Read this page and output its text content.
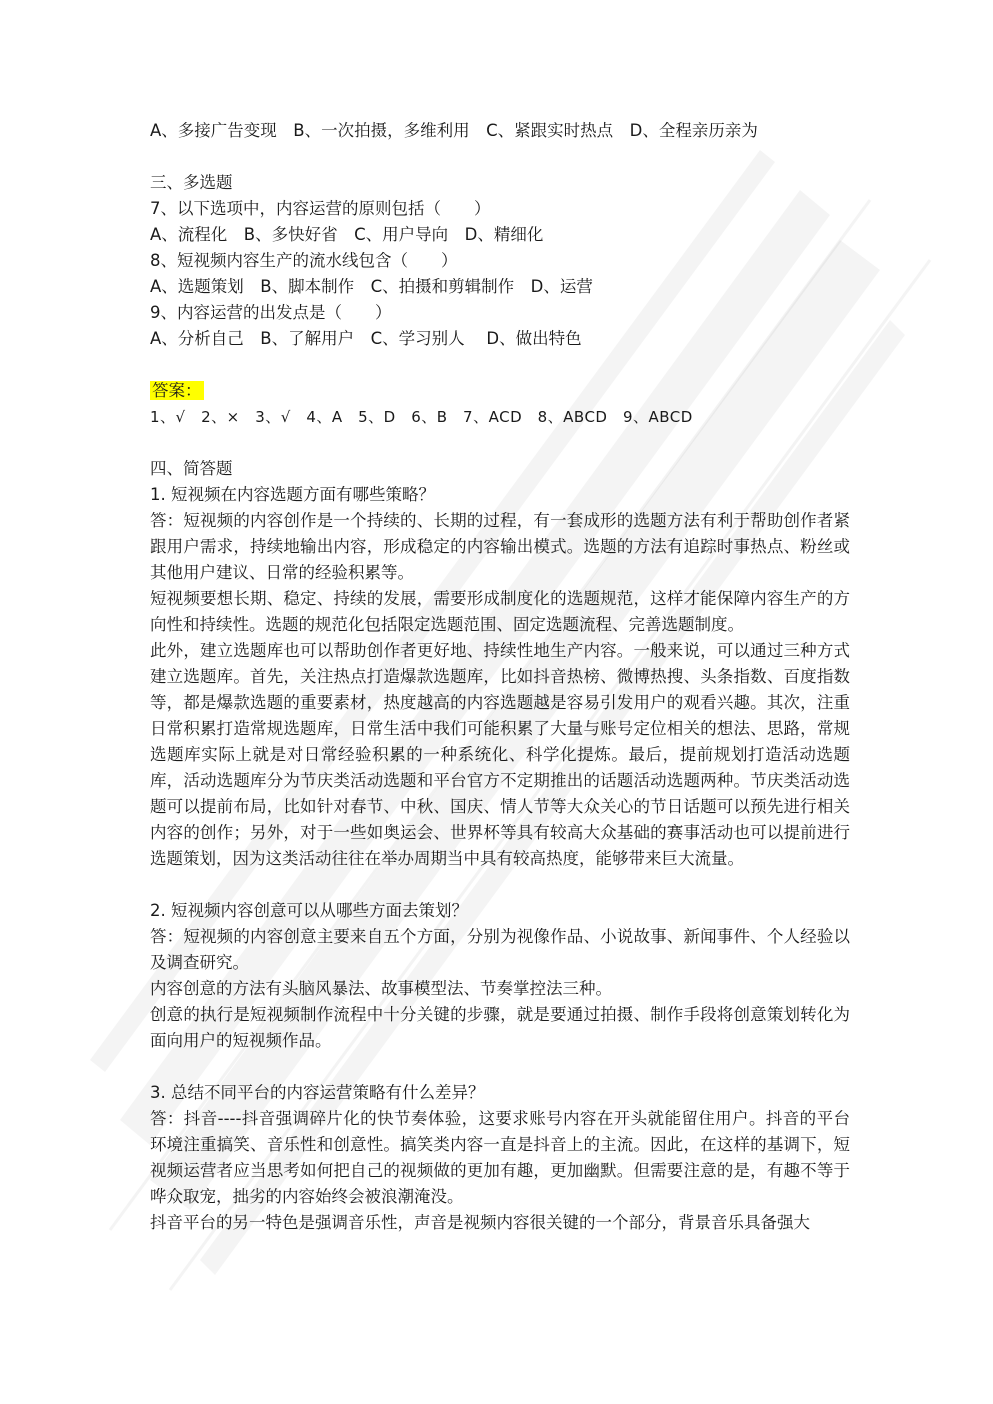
A、多接广告变现　B、一次拍摄，多维利用　C、紧跟实时热点　D、全程亲历亲为

三、多选题

7、以下选项中，内容运营的原则包括（　　）

A、流程化　B、多快好省　C、用户导向　D、精细化

8、短视频内容生产的流水线包含（　　）

A、选题策划　B、脚本制作　C、拍摄和剪辑制作　D、运营

9、内容运营的出发点是（　　）

A、分析自己　B、了解用户　C、学习别人　 D、做出特色

答案：

1、√　2、×　3、√　4、A　5、D　6、B　7、ACD　8、ABCD　9、ABCD

四、简答题

1. 短视频在内容选题方面有哪些策略？

答：短视频的内容创作是一个持续的、长期的过程，有一套成形的选题方法有利于帮助创作者紧跟用户需求，持续地输出内容，形成稳定的内容输出模式。选题的方法有追踪时事热点、粉丝或其他用户建议、日常的经验积累等。

短视频要想长期、稳定、持续的发展，需要形成制度化的选题规范，这样才能保障内容生产的方向性和持续性。选题的规范化包括限定选题范围、固定选题流程、完善选题制度。

此外，建立选题库也可以帮助创作者更好地、持续性地生产内容。一般来说，可以通过三种方式建立选题库。首先，关注热点打造爆款选题库，比如抖音热榜、微博热搜、头条指数、百度指数等，都是爆款选题的重要素材，热度越高的内容选题越是容易引发用户的观看兴趣。其次，注重日常积累打造常规选题库，日常生活中我们可能积累了大量与账号定位相关的想法、思路，常规选题库实际上就是对日常经验积累的一种系统化、科学化提炼。最后，提前规划打造活动选题库，活动选题库分为节庆类活动选题和平台官方不定期推出的话题活动选题两种。节庆类活动选题可以提前布局，比如针对春节、中秋、国庆、情人节等大众关心的节日话题可以预先进行相关内容的创作；另外，对于一些如奥运会、世界杯等具有较高大众基础的赛事活动也可以提前进行选题策划，因为这类活动往往在举办周期当中具有较高热度，能够带来巨大流量。

2. 短视频内容创意可以从哪些方面去策划？

答：短视频的内容创意主要来自五个方面，分别为视像作品、小说故事、新闻事件、个人经验以及调查研究。

内容创意的方法有头脑风暴法、故事模型法、节奏掌控法三种。

创意的执行是短视频制作流程中十分关键的步骤，就是要通过拍摄、制作手段将创意策划转化为面向用户的短视频作品。

3. 总结不同平台的内容运营策略有什么差异？

答：抖音----抖音强调碎片化的快节奏体验，这要求账号内容在开头就能留住用户。抖音的平台环境注重搞笑、音乐性和创意性。搞笑类内容一直是抖音上的主流。因此，在这样的基调下，短视频运营者应当思考如何把自己的视频做的更加有趣，更加幽默。但需要注意的是，有趣不等于哗众取宠，拙劣的内容始终会被浪潮淹没。

抖音平台的另一特色是强调音乐性，声音是视频内容很关键的一个部分，背景音乐具备强大
